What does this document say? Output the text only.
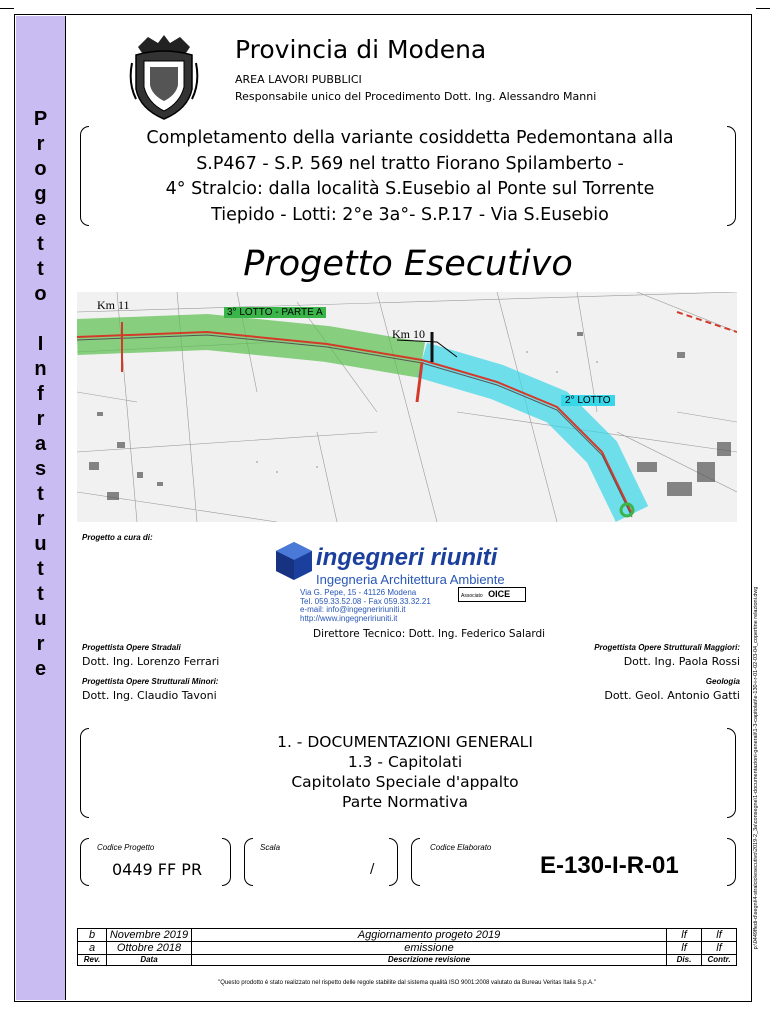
P
r
o
g
e
t
t
o

I
n
f
r
a
s
t
r
u
t
t
u
r
e
Provincia di Modena
AREA LAVORI PUBBLICI
Responsabile unico del Procedimento Dott. Ing. Alessandro Manni
Completamento della variante cosiddetta Pedemontana alla
S.P467 - S.P. 569 nel tratto Fiorano Spilamberto -
4° Stralcio: dalla località S.Eusebio al Ponte sul Torrente
Tiepido - Lotti: 2°e 3a°- S.P.17 - Via S.Eusebio
Progetto Esecutivo
Km 11
Km 10
3° LOTTO - PARTE A
2° LOTTO
Progetto a cura di:
ingegneri riuniti
Ingegneria Architettura Ambiente
Via G. Pepe, 15 - 41126 Modena
Tel. 059.33.52.08 - Fax 059.33.32.21
e-mail: info@ingegneririuniti.it
http://www.ingegneririuniti.it
Associato OICE
Direttore Tecnico: Dott. Ing. Federico Salardi
Progettista Opere Stradali
Dott. Ing. Lorenzo Ferrari
Progettista Opere Strutturali Minori:
Dott. Ing. Claudio Tavoni
Progettista Opere Strutturali Maggiori:
Dott. Ing. Paola Rossi
Geologia
Dott. Geol. Antonio Gatti
1. - DOCUMENTAZIONI GENERALI
1.3 - Capitolati
Capitolato Speciale d'appalto
Parte Normativa
Codice Progetto
0449 FF PR
Scala
/
Codice Elaborato
E-130-I-R-01
b	Novembre 2019	Aggiornamento progeto 2019	lf	lf
a	Ottobre 2018	emissione	lf	lf
Rev.	Data	Descrizione revisione	Dis.	Contr.
"Questo prodotto è stato realizzato nel rispetto delle regole stabilite dal sistema qualità ISO 9001:2008 valutato da Bureau Veritas Italia S.p.A."
p:\0449ffedi-d\segni\4-stralcio\esecutivo\2019-2_3a\consegne\1-documentazioni-generali\1-3-capitolati\e-130-i-r-01-02-03-04_copertine relazioni.dwg
